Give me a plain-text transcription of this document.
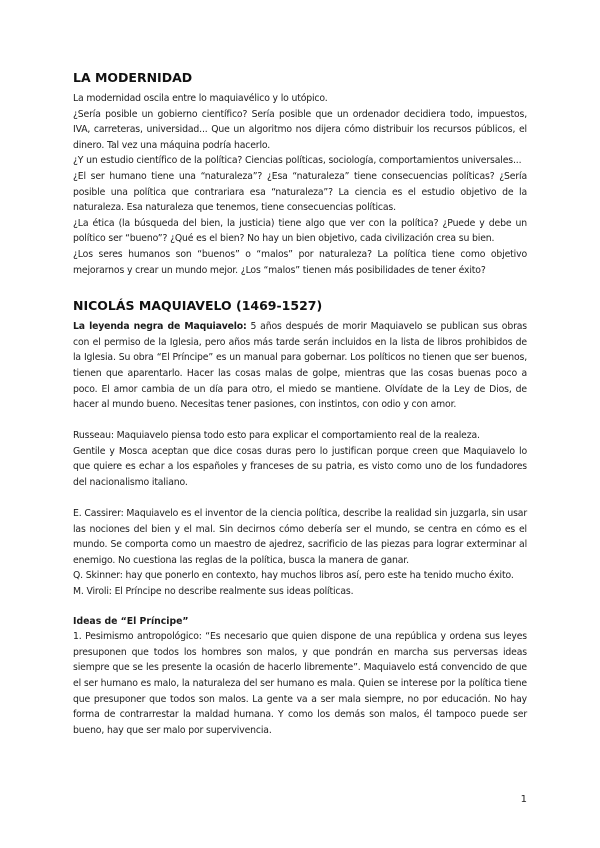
LA MODERNIDAD

La modernidad oscila entre lo maquiavélico y lo utópico.

¿Sería posible un gobierno científico? Sería posible que un ordenador decidiera todo, impuestos, IVA, carreteras, universidad... Que un algoritmo nos dijera cómo distribuir los recursos públicos, el dinero. Tal vez una máquina podría hacerlo.

¿Y un estudio científico de la política? Ciencias políticas, sociología, comportamientos universales...

¿El ser humano tiene una “naturaleza”? ¿Esa “naturaleza” tiene consecuencias políticas? ¿Sería posible una política que contrariara esa “naturaleza”? La ciencia es el estudio objetivo de la naturaleza. Esa naturaleza que tenemos, tiene consecuencias políticas.

¿La ética (la búsqueda del bien, la justicia) tiene algo que ver con la política? ¿Puede y debe un político ser “bueno”? ¿Qué es el bien? No hay un bien objetivo, cada civilización crea su bien.

¿Los seres humanos son “buenos” o “malos” por naturaleza? La política tiene como objetivo mejorarnos y crear un mundo mejor. ¿Los “malos” tienen más posibilidades de tener éxito?

NICOLÁS MAQUIAVELO (1469-1527)

La leyenda negra de Maquiavelo: 5 años después de morir Maquiavelo se publican sus obras con el permiso de la Iglesia, pero años más tarde serán incluidos en la lista de libros prohibidos de la Iglesia. Su obra “El Príncipe” es un manual para gobernar. Los políticos no tienen que ser buenos, tienen que aparentarlo. Hacer las cosas malas de golpe, mientras que las cosas buenas poco a poco. El amor cambia de un día para otro, el miedo se mantiene. Olvídate de la Ley de Dios, de hacer al mundo bueno. Necesitas tener pasiones, con instintos, con odio y con amor.

Russeau: Maquiavelo piensa todo esto para explicar el comportamiento real de la realeza.

Gentile y Mosca aceptan que dice cosas duras pero lo justifican porque creen que Maquiavelo lo que quiere es echar a los españoles y franceses de su patria, es visto como uno de los fundadores del nacionalismo italiano.

E. Cassirer: Maquiavelo es el inventor de la ciencia política, describe la realidad sin juzgarla, sin usar las nociones del bien y el mal. Sin decirnos cómo debería ser el mundo, se centra en cómo es el mundo. Se comporta como un maestro de ajedrez, sacrificio de las piezas para lograr exterminar al enemigo. No cuestiona las reglas de la política, busca la manera de ganar.

Q. Skinner: hay que ponerlo en contexto, hay muchos libros así, pero este ha tenido mucho éxito.

M. Viroli: El Príncipe no describe realmente sus ideas políticas.

Ideas de “El Príncipe”

1. Pesimismo antropológico: “Es necesario que quien dispone de una república y ordena sus leyes presuponen que todos los hombres son malos, y que pondrán en marcha sus perversas ideas siempre que se les presente la ocasión de hacerlo libremente”. Maquiavelo está convencido de que el ser humano es malo, la naturaleza del ser humano es mala. Quien se interese por la política tiene que presuponer que todos son malos. La gente va a ser mala siempre, no por educación. No hay forma de contrarrestar la maldad humana. Y como los demás son malos, él tampoco puede ser bueno, hay que ser malo por supervivencia.

1
